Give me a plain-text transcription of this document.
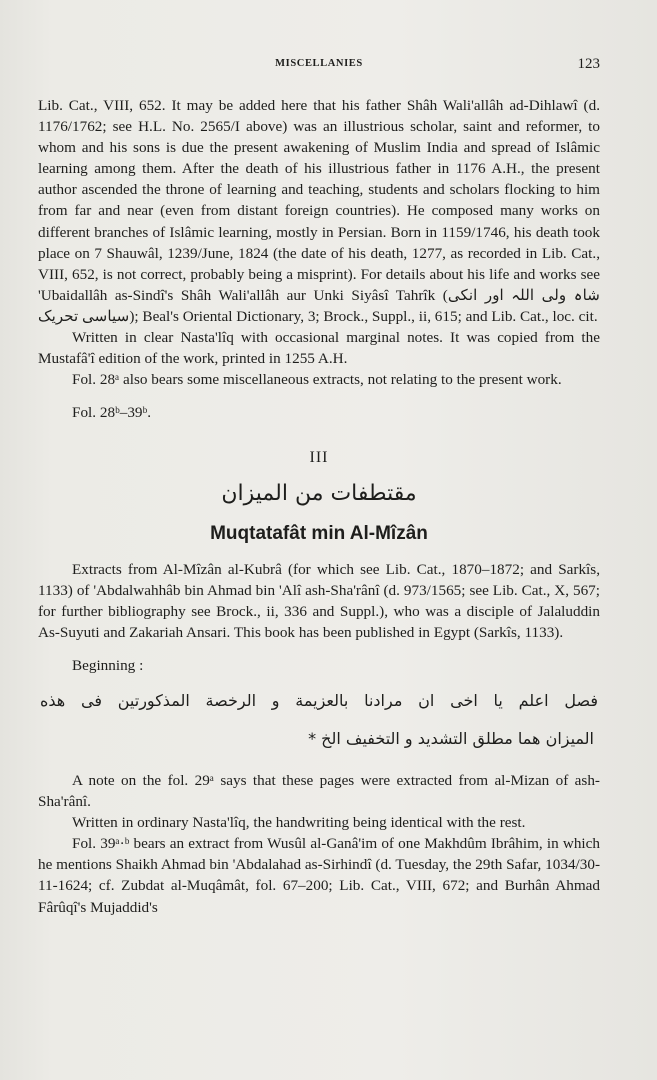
MISCELLANIES	123

Lib. Cat., VIII, 652. It may be added here that his father Shâh Wali'allâh ad-Dihlawî (d. 1176/1762; see H.L. No. 2565/I above) was an illustrious scholar, saint and reformer, to whom and his sons is due the present awakening of Muslim India and spread of Islâmic learning among them. After the death of his illustrious father in 1176 A.H., the present author ascended the throne of learning and teaching, students and scholars flocking to him from far and near (even from distant foreign countries). He composed many works on different branches of Islâmic learning, mostly in Persian. Born in 1159/1746, his death took place on 7 Shauwâl, 1239/June, 1824 (the date of his death, 1277, as recorded in Lib. Cat., VIII, 652, is not correct, probably being a misprint). For details about his life and works see 'Ubaidallâh as-Sindî's Shâh Wali'allâh aur Unki Siyâsî Tahrîk (شاہ ولی اللہ اور انکی سیاسی تحریک); Beal's Oriental Dictionary, 3; Brock., Suppl., ii, 615; and Lib. Cat., loc. cit.

Written in clear Nasta'lîq with occasional marginal notes. It was copied from the Mustafâ'î edition of the work, printed in 1255 A.H.

Fol. 28ᵃ also bears some miscellaneous extracts, not relating to the present work.

Fol. 28ᵇ–39ᵇ.

III

مقتطفات من الميزان

Muqtatafât min Al-Mîzân

Extracts from Al-Mîzân al-Kubrâ (for which see Lib. Cat., 1870–1872; and Sarkîs, 1133) of 'Abdalwahhâb bin Ahmad bin 'Alî ash-Sha'rânî (d. 973/1565; see Lib. Cat., X, 567; for further bibliography see Brock., ii, 336 and Suppl.), who was a disciple of Jalaluddin As-Suyuti and Zakariah Ansari. This book has been published in Egypt (Sarkîs, 1133).

Beginning :

فصل اعلم يا اخى ان مرادنا بالعزيمة و الرخصة المذكورتين فى هذه

الميزان هما مطلق التشديد و التخفيف الخ *

A note on the fol. 29ᵃ says that these pages were extracted from al-Mizan of ash-Sha'rânî.

Written in ordinary Nasta'lîq, the handwriting being identical with the rest.

Fol. 39ᵃ·ᵇ bears an extract from Wusûl al-Ganâ'im of one Makhdûm Ibrâhim, in which he mentions Shaikh Ahmad bin 'Abdalahad as-Sirhindî (d. Tuesday, the 29th Safar, 1034/30-11-1624; cf. Zubdat al-Muqâmât, fol. 67–200; Lib. Cat., VIII, 672; and Burhân Ahmad Fârûqî's Mujaddid's
